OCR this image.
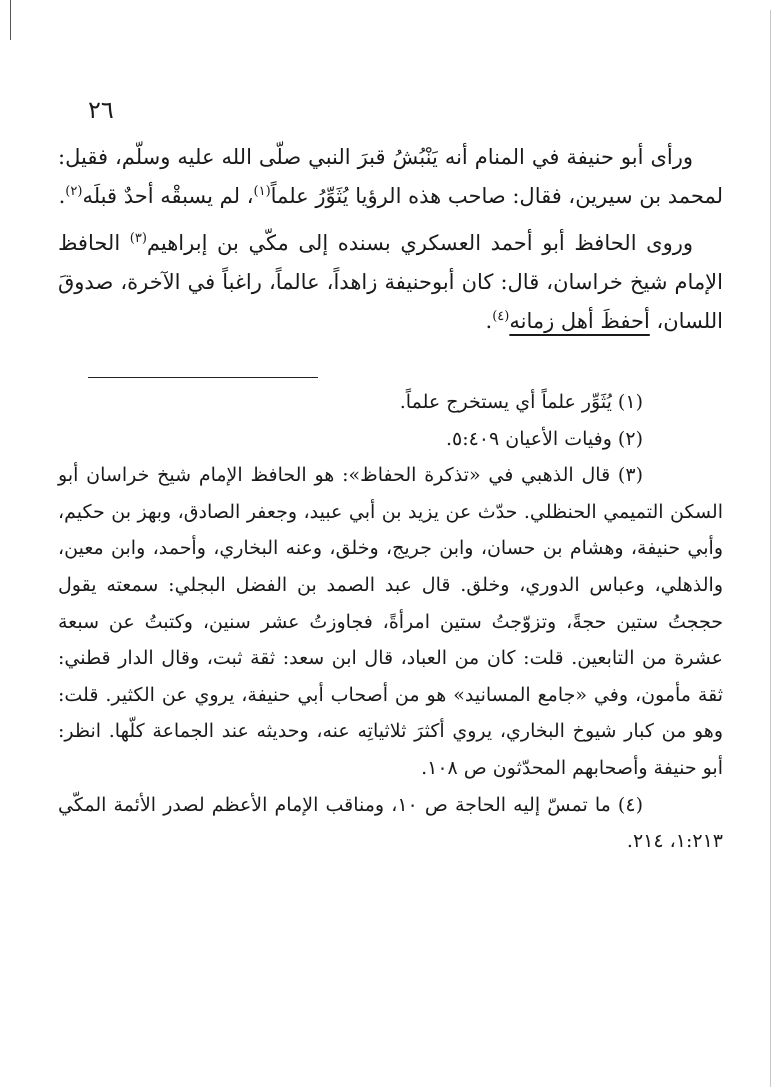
٢٦

ورأى أبو حنيفة في المنام أنه يَنْبُشُ قبرَ النبي صلّى الله عليه وسلّم، فقيل: لمحمد بن سيرين، فقال: صاحب هذه الرؤيا يُثَوِّرُ علماً$^{(١)}$، لم يسبقْه أحدٌ قبلَه$^{(٢)}$.

وروى الحافظ أبو أحمد العسكري بسنده إلى مكّي بن إبراهيم$^{(٣)}$ الحافظ الإمام شيخ خراسان، قال: كان أبوحنيفة زاهداً، عالماً، راغباً في الآخرة، صدوقَ اللسان، أحفظَ أهل زمانه$^{(٤)}$.

(١) يُثَوِّر علماً أي يستخرج علماً.

(٢) وفيات الأعيان ٥:٤٠٩.

(٣) قال الذهبي في «تذكرة الحفاظ»: هو الحافظ الإمام شيخ خراسان أبو السكن التميمي الحنظلي. حدّث عن يزيد بن أبي عبيد، وجعفر الصادق، وبهز بن حكيم، وأبي حنيفة، وهشام بن حسان، وابن جريج، وخلق، وعنه البخاري، وأحمد، وابن معين، والذهلي، وعباس الدوري، وخلق. قال عبد الصمد بن الفضل البجلي: سمعته يقول حججتُ ستين حجةً، وتزوّجتُ ستين امرأةً، فجاوزتُ عشر سنين، وكتبتُ عن سبعة عشرة من التابعين. قلت: كان من العباد، قال ابن سعد: ثقة ثبت، وقال الدار قطني: ثقة مأمون، وفي «جامع المسانيد» هو من أصحاب أبي حنيفة، يروي عن الكثير. قلت: وهو من كبار شيوخ البخاري، يروي أكثرَ ثلاثياتِه عنه، وحديثه عند الجماعة كلّها. انظر: أبو حنيفة وأصحابهم المحدّثون ص ١٠٨.

(٤) ما تمسّ إليه الحاجة ص ١٠، ومناقب الإمام الأعظم لصدر الأئمة المكّي ١:٢١٣، ٢١٤.
